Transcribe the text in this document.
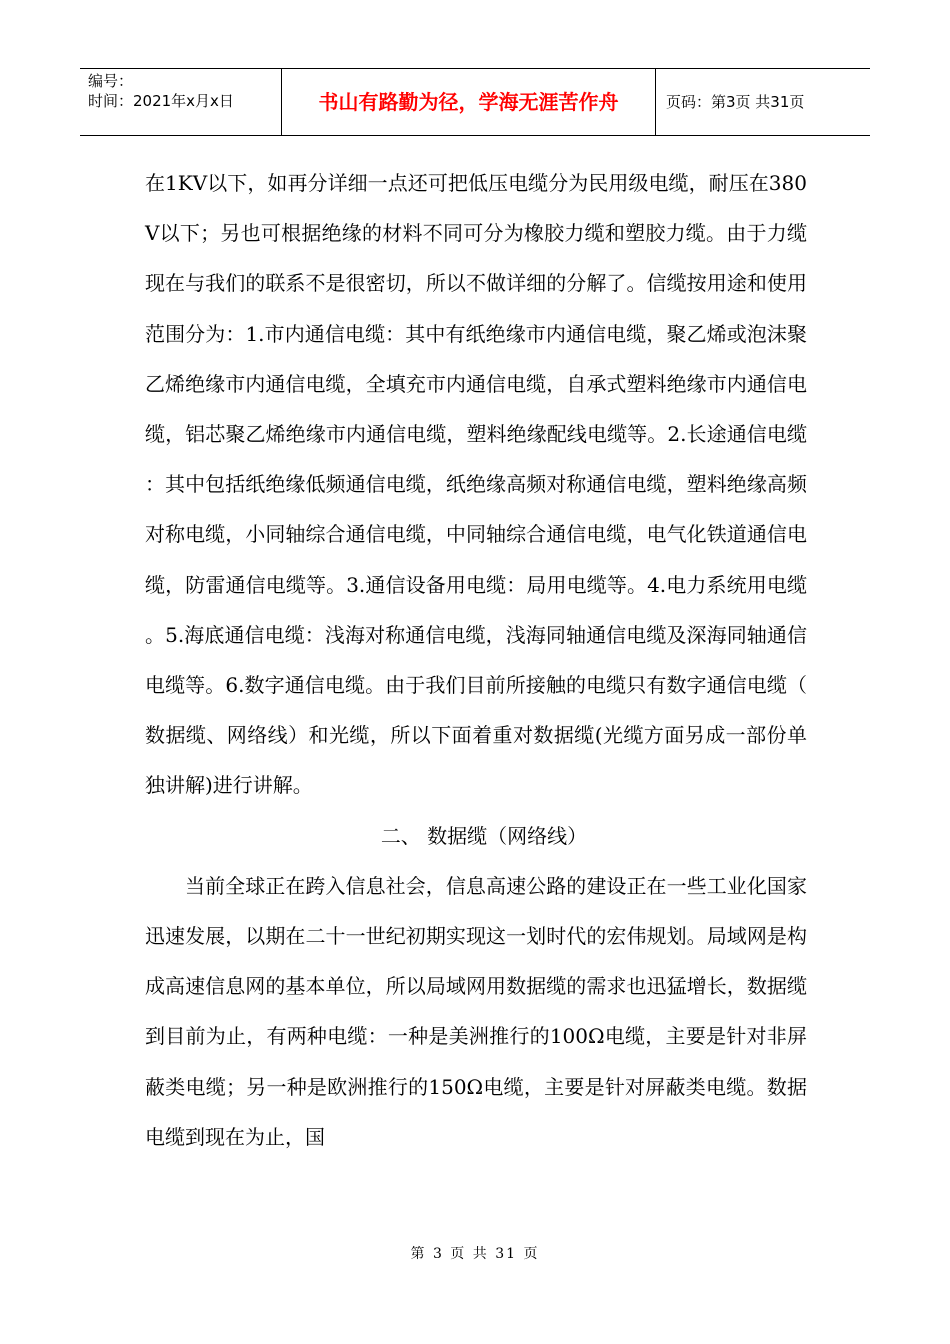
编号：
时间：2021年x月x日	书山有路勤为径，学海无涯苦作舟	页码：第3页 共31页

在1KV以下，如再分详细一点还可把低压电缆分为民用级电缆，耐压在380V以下；另也可根据绝缘的材料不同可分为橡胶力缆和塑胶力缆。由于力缆现在与我们的联系不是很密切，所以不做详细的分解了。信缆按用途和使用范围分为：1.市内通信电缆：其中有纸绝缘市内通信电缆，聚乙烯或泡沫聚乙烯绝缘市内通信电缆，全填充市内通信电缆，自承式塑料绝缘市内通信电缆，铝芯聚乙烯绝缘市内通信电缆，塑料绝缘配线电缆等。2.长途通信电缆：其中包括纸绝缘低频通信电缆，纸绝缘高频对称通信电缆，塑料绝缘高频对称电缆，小同轴综合通信电缆，中同轴综合通信电缆，电气化铁道通信电缆，防雷通信电缆等。3.通信设备用电缆：局用电缆等。4.电力系统用电缆。5.海底通信电缆：浅海对称通信电缆，浅海同轴通信电缆及深海同轴通信电缆等。6.数字通信电缆。由于我们目前所接触的电缆只有数字通信电缆（数据缆、网络线）和光缆，所以下面着重对数据缆(光缆方面另成一部份单独讲解)进行讲解。

二、 数据缆（网络线）

当前全球正在跨入信息社会，信息高速公路的建设正在一些工业化国家迅速发展，以期在二十一世纪初期实现这一划时代的宏伟规划。局域网是构成高速信息网的基本单位，所以局域网用数据缆的需求也迅猛增长，数据缆到目前为止，有两种电缆：一种是美洲推行的100Ω电缆，主要是针对非屏蔽类电缆；另一种是欧洲推行的150Ω电缆，主要是针对屏蔽类电缆。数据电缆到现在为止，国

第 3 页 共 31 页
